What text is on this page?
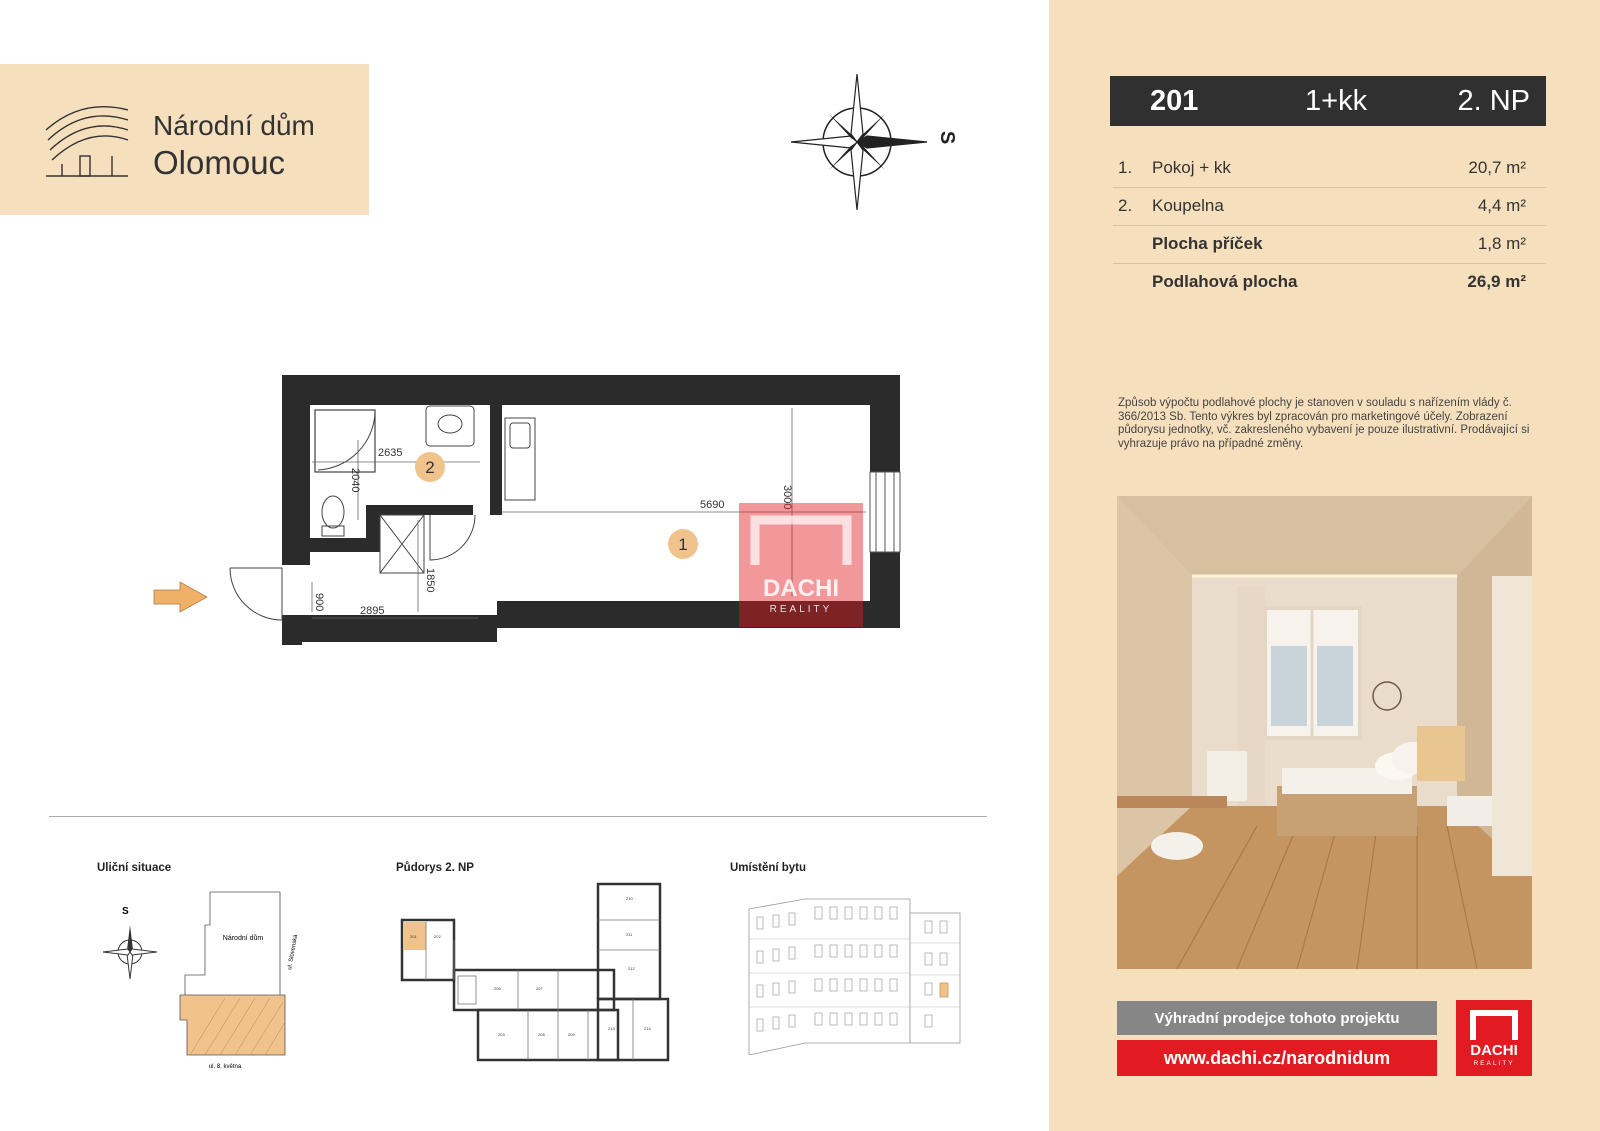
Národní dům
Olomouc
S
2635
2040
5690	3000
1850
900	2895
2
1
DACHI
REALITY
Uliční situace	Půdorys 2. NP	Umístění bytu
S
Národní dům	ul. Slovenská
ul. 8. května
201	202
206	207
203
210
211
212
208	209
213	214
201	1+kk	2. NP
1. Pokoj + kk	20,7 m²
2. Koupelna	4,4 m²
Plocha příček	1,8 m²
Podlahová plocha	26,9 m²
Způsob výpočtu podlahové plochy je stanoven v souladu s nařízením vlády č. 366/2013 Sb. Tento výkres byl zpracován pro marketingové účely. Zobrazení půdorysu jednotky, vč. zakresleného vybavení je pouze ilustrativní. Prodávající si vyhrazuje právo na případné změny.
Výhradní prodejce tohoto projektu
www.dachi.cz/narodnidum	DACHI
REALITY
